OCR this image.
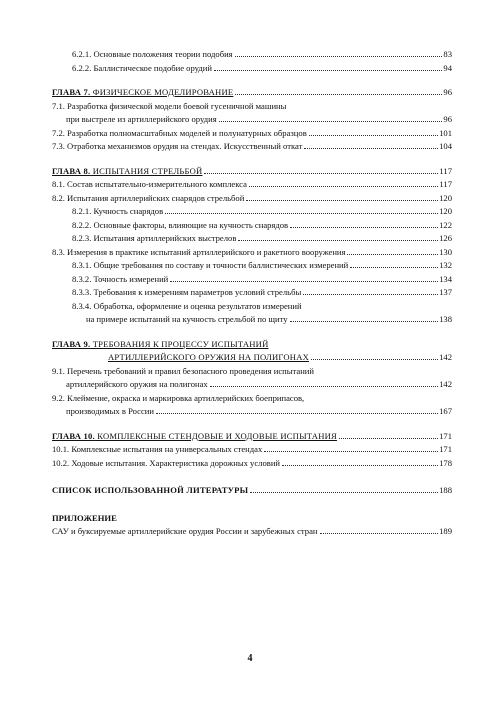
6.2.1. Основные положения теории подобия	83
6.2.2. Баллистическое подобие орудий	94
ГЛАВА 7. ФИЗИЧЕСКОЕ МОДЕЛИРОВАНИЕ	96
7.1. Разработка физической модели боевой гусеничной машины
при выстреле из артиллерийского орудия	96
7.2. Разработка полномасштабных моделей и полунатурных образцов	101
7.3. Отработка механизмов орудия на стендах. Искусственный откат	104
ГЛАВА 8. ИСПЫТАНИЯ СТРЕЛЬБОЙ	117
8.1. Состав испытательно-измерительного комплекса	117
8.2. Испытания артиллерийских снарядов стрельбой	120
8.2.1. Кучность снарядов	120
8.2.2. Основные факторы, влияющие на кучность снарядов	122
8.2.3. Испытания артиллерийских выстрелов	126
8.3. Измерения в практике испытаний артиллерийского и ракетного вооружения	130
8.3.1. Общие требования по составу и точности баллистических измерений	132
8.3.2. Точность измерений	134
8.3.3. Требования к измерениям параметров условий стрельбы	137
8.3.4. Обработка, оформление и оценка результатов измерений
на примере испытаний на кучность стрельбой по щиту	138
ГЛАВА 9. ТРЕБОВАНИЯ К ПРОЦЕССУ ИСПЫТАНИЙ
АРТИЛЛЕРИЙСКОГО ОРУЖИЯ НА ПОЛИГОНАХ	142
9.1. Перечень требований и правил безопасного проведения испытаний
артиллерийского оружия на полигонах	142
9.2. Клеймение, окраска и маркировка артиллерийских боеприпасов,
производимых в России	167
ГЛАВА 10. КОМПЛЕКСНЫЕ СТЕНДОВЫЕ И ХОДОВЫЕ ИСПЫТАНИЯ	171
10.1. Комплексные испытания на универсальных стендах	171
10.2. Ходовые испытания. Характеристика дорожных условий	178
СПИСОК ИСПОЛЬЗОВАННОЙ ЛИТЕРАТУРЫ	188
ПРИЛОЖЕНИЕ
САУ и буксируемые артиллерийские орудия России и зарубежных стран	189
4
